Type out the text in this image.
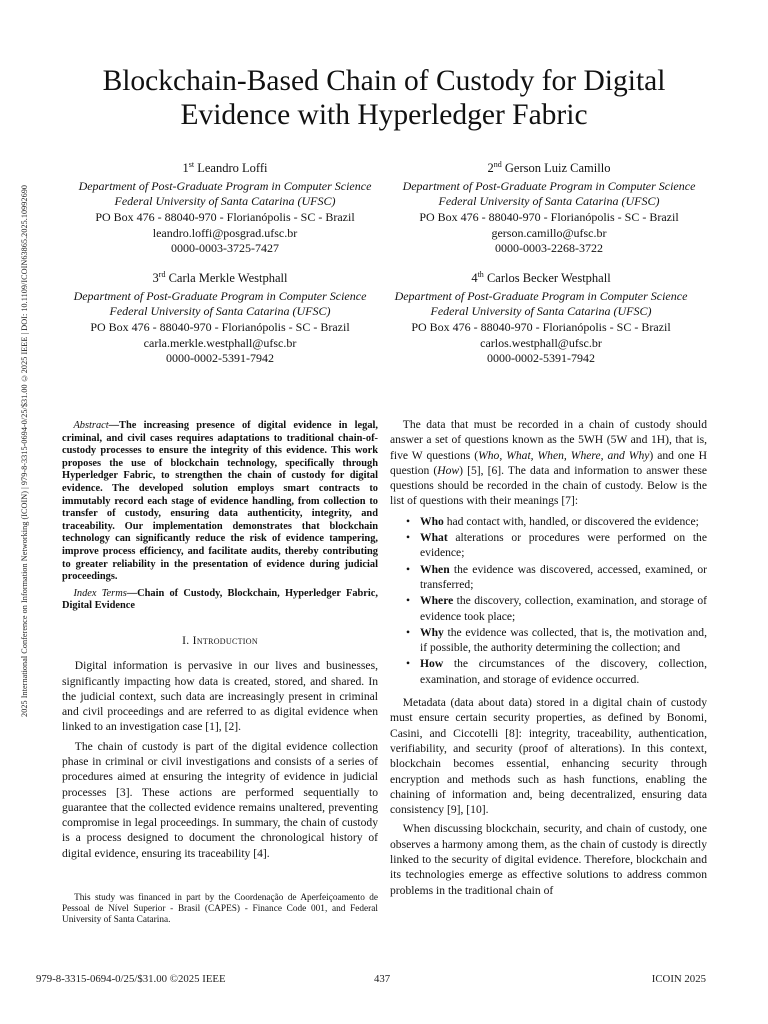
2025 International Conference on Information Networking (ICOIN) | 979-8-3315-0694-0/25/$31.00 ©2025 IEEE | DOI: 10.1109/ICOIN63865.2025.10992690
Blockchain-Based Chain of Custody for Digital
Evidence with Hyperledger Fabric
1st Leandro Loffi
Department of Post-Graduate Program in Computer Science
Federal University of Santa Catarina (UFSC)
PO Box 476 - 88040-970 - Florianópolis - SC - Brazil
leandro.loffi@posgrad.ufsc.br
0000-0003-3725-7427
2nd Gerson Luiz Camillo
Department of Post-Graduate Program in Computer Science
Federal University of Santa Catarina (UFSC)
PO Box 476 - 88040-970 - Florianópolis - SC - Brazil
gerson.camillo@ufsc.br
0000-0003-2268-3722
3rd Carla Merkle Westphall
Department of Post-Graduate Program in Computer Science
Federal University of Santa Catarina (UFSC)
PO Box 476 - 88040-970 - Florianópolis - SC - Brazil
carla.merkle.westphall@ufsc.br
0000-0002-5391-7942
4th Carlos Becker Westphall
Department of Post-Graduate Program in Computer Science
Federal University of Santa Catarina (UFSC)
PO Box 476 - 88040-970 - Florianópolis - SC - Brazil
carlos.westphall@ufsc.br
0000-0002-5391-7942

Abstract—The increasing presence of digital evidence in legal, criminal, and civil cases requires adaptations to traditional chain-of-custody processes to ensure the integrity of this evidence. This work proposes the use of blockchain technology, specifically through Hyperledger Fabric, to strengthen the chain of custody for digital evidence. The developed solution employs smart contracts to immutably record each stage of evidence handling, from collection to transfer of custody, ensuring data authenticity, integrity, and traceability. Our implementation demonstrates that blockchain technology can significantly reduce the risk of evidence tampering, improve process efficiency, and facilitate audits, thereby contributing to greater reliability in the presentation of evidence during judicial proceedings.

Index Terms—Chain of Custody, Blockchain, Hyperledger Fabric, Digital Evidence

I. Introduction

Digital information is pervasive in our lives and businesses, significantly impacting how data is created, stored, and shared. In the judicial context, such data are increasingly present in criminal and civil proceedings and are referred to as digital evidence when linked to an investigation case [1], [2].

The chain of custody is part of the digital evidence collection phase in criminal or civil investigations and consists of a series of procedures aimed at ensuring the integrity of evidence in judicial processes [3]. These actions are performed sequentially to guarantee that the collected evidence remains unaltered, preventing compromise in legal proceedings. In summary, the chain of custody is a process designed to document the chronological history of digital evidence, ensuring its traceability [4].

This study was financed in part by the Coordenação de Aperfeiçoamento de Pessoal de Nível Superior - Brasil (CAPES) - Finance Code 001, and Federal University of Santa Catarina.

The data that must be recorded in a chain of custody should answer a set of questions known as the 5WH (5W and 1H), that is, five W questions (Who, What, When, Where, and Why) and one H question (How) [5], [6]. The data and information to answer these questions should be recorded in the chain of custody. Below is the list of questions with their meanings [7]:

• Who had contact with, handled, or discovered the evidence;
• What alterations or procedures were performed on the evidence;
• When the evidence was discovered, accessed, examined, or transferred;
• Where the discovery, collection, examination, and storage of evidence took place;
• Why the evidence was collected, that is, the motivation and, if possible, the authority determining the collection; and
• How the circumstances of the discovery, collection, examination, and storage of evidence occurred.

Metadata (data about data) stored in a digital chain of custody must ensure certain security properties, as defined by Bonomi, Casini, and Ciccotelli [8]: integrity, traceability, authentication, verifiability, and security (proof of alterations). In this context, blockchain becomes essential, enhancing security through encryption and methods such as hash functions, enabling the chaining of information and, being decentralized, ensuring data consistency [9], [10].

When discussing blockchain, security, and chain of custody, one observes a harmony among them, as the chain of custody is directly linked to the security of digital evidence. Therefore, blockchain and its technologies emerge as effective solutions to address common problems in the traditional chain of

979-8-3315-0694-0/25/$31.00 ©2025 IEEE	437	ICOIN 2025
